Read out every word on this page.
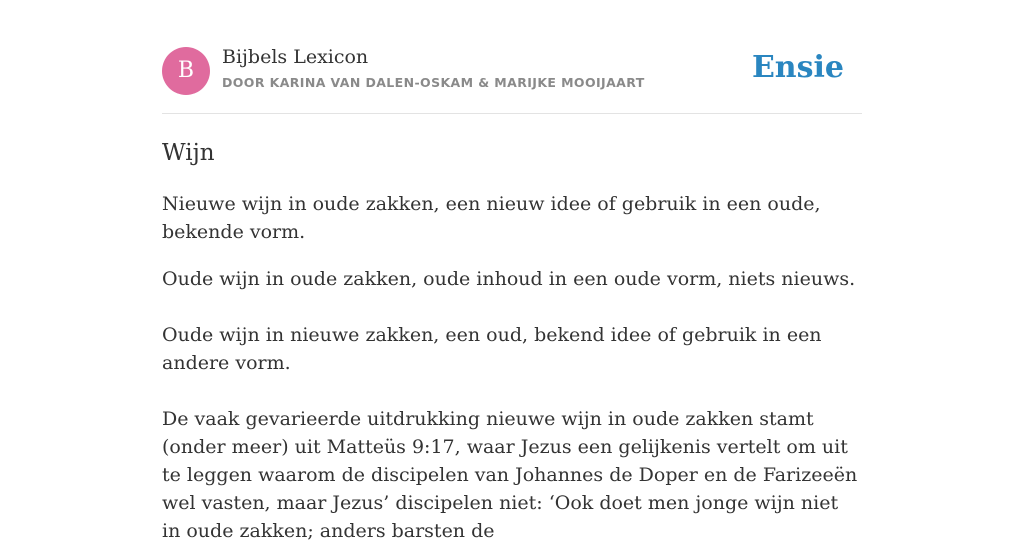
B
Bijbels Lexicon
DOOR KARINA VAN DALEN-OSKAM & MARIJKE MOOIJAART	Ensie
Wijn

Nieuwe wijn in oude zakken, een nieuw idee of gebruik in een oude, bekende vorm.

Oude wijn in oude zakken, oude inhoud in een oude vorm, niets nieuws.

Oude wijn in nieuwe zakken, een oud, bekend idee of gebruik in een andere vorm.

De vaak gevarieerde uitdrukking nieuwe wijn in oude zakken stamt (onder meer) uit Matteüs 9:17, waar Jezus een gelijkenis vertelt om uit te leggen waarom de discipelen van Johannes de Doper en de Farizeeën wel vasten, maar Jezus’ discipelen niet: ‘Ook doet men jonge wijn niet in oude zakken; anders barsten de
